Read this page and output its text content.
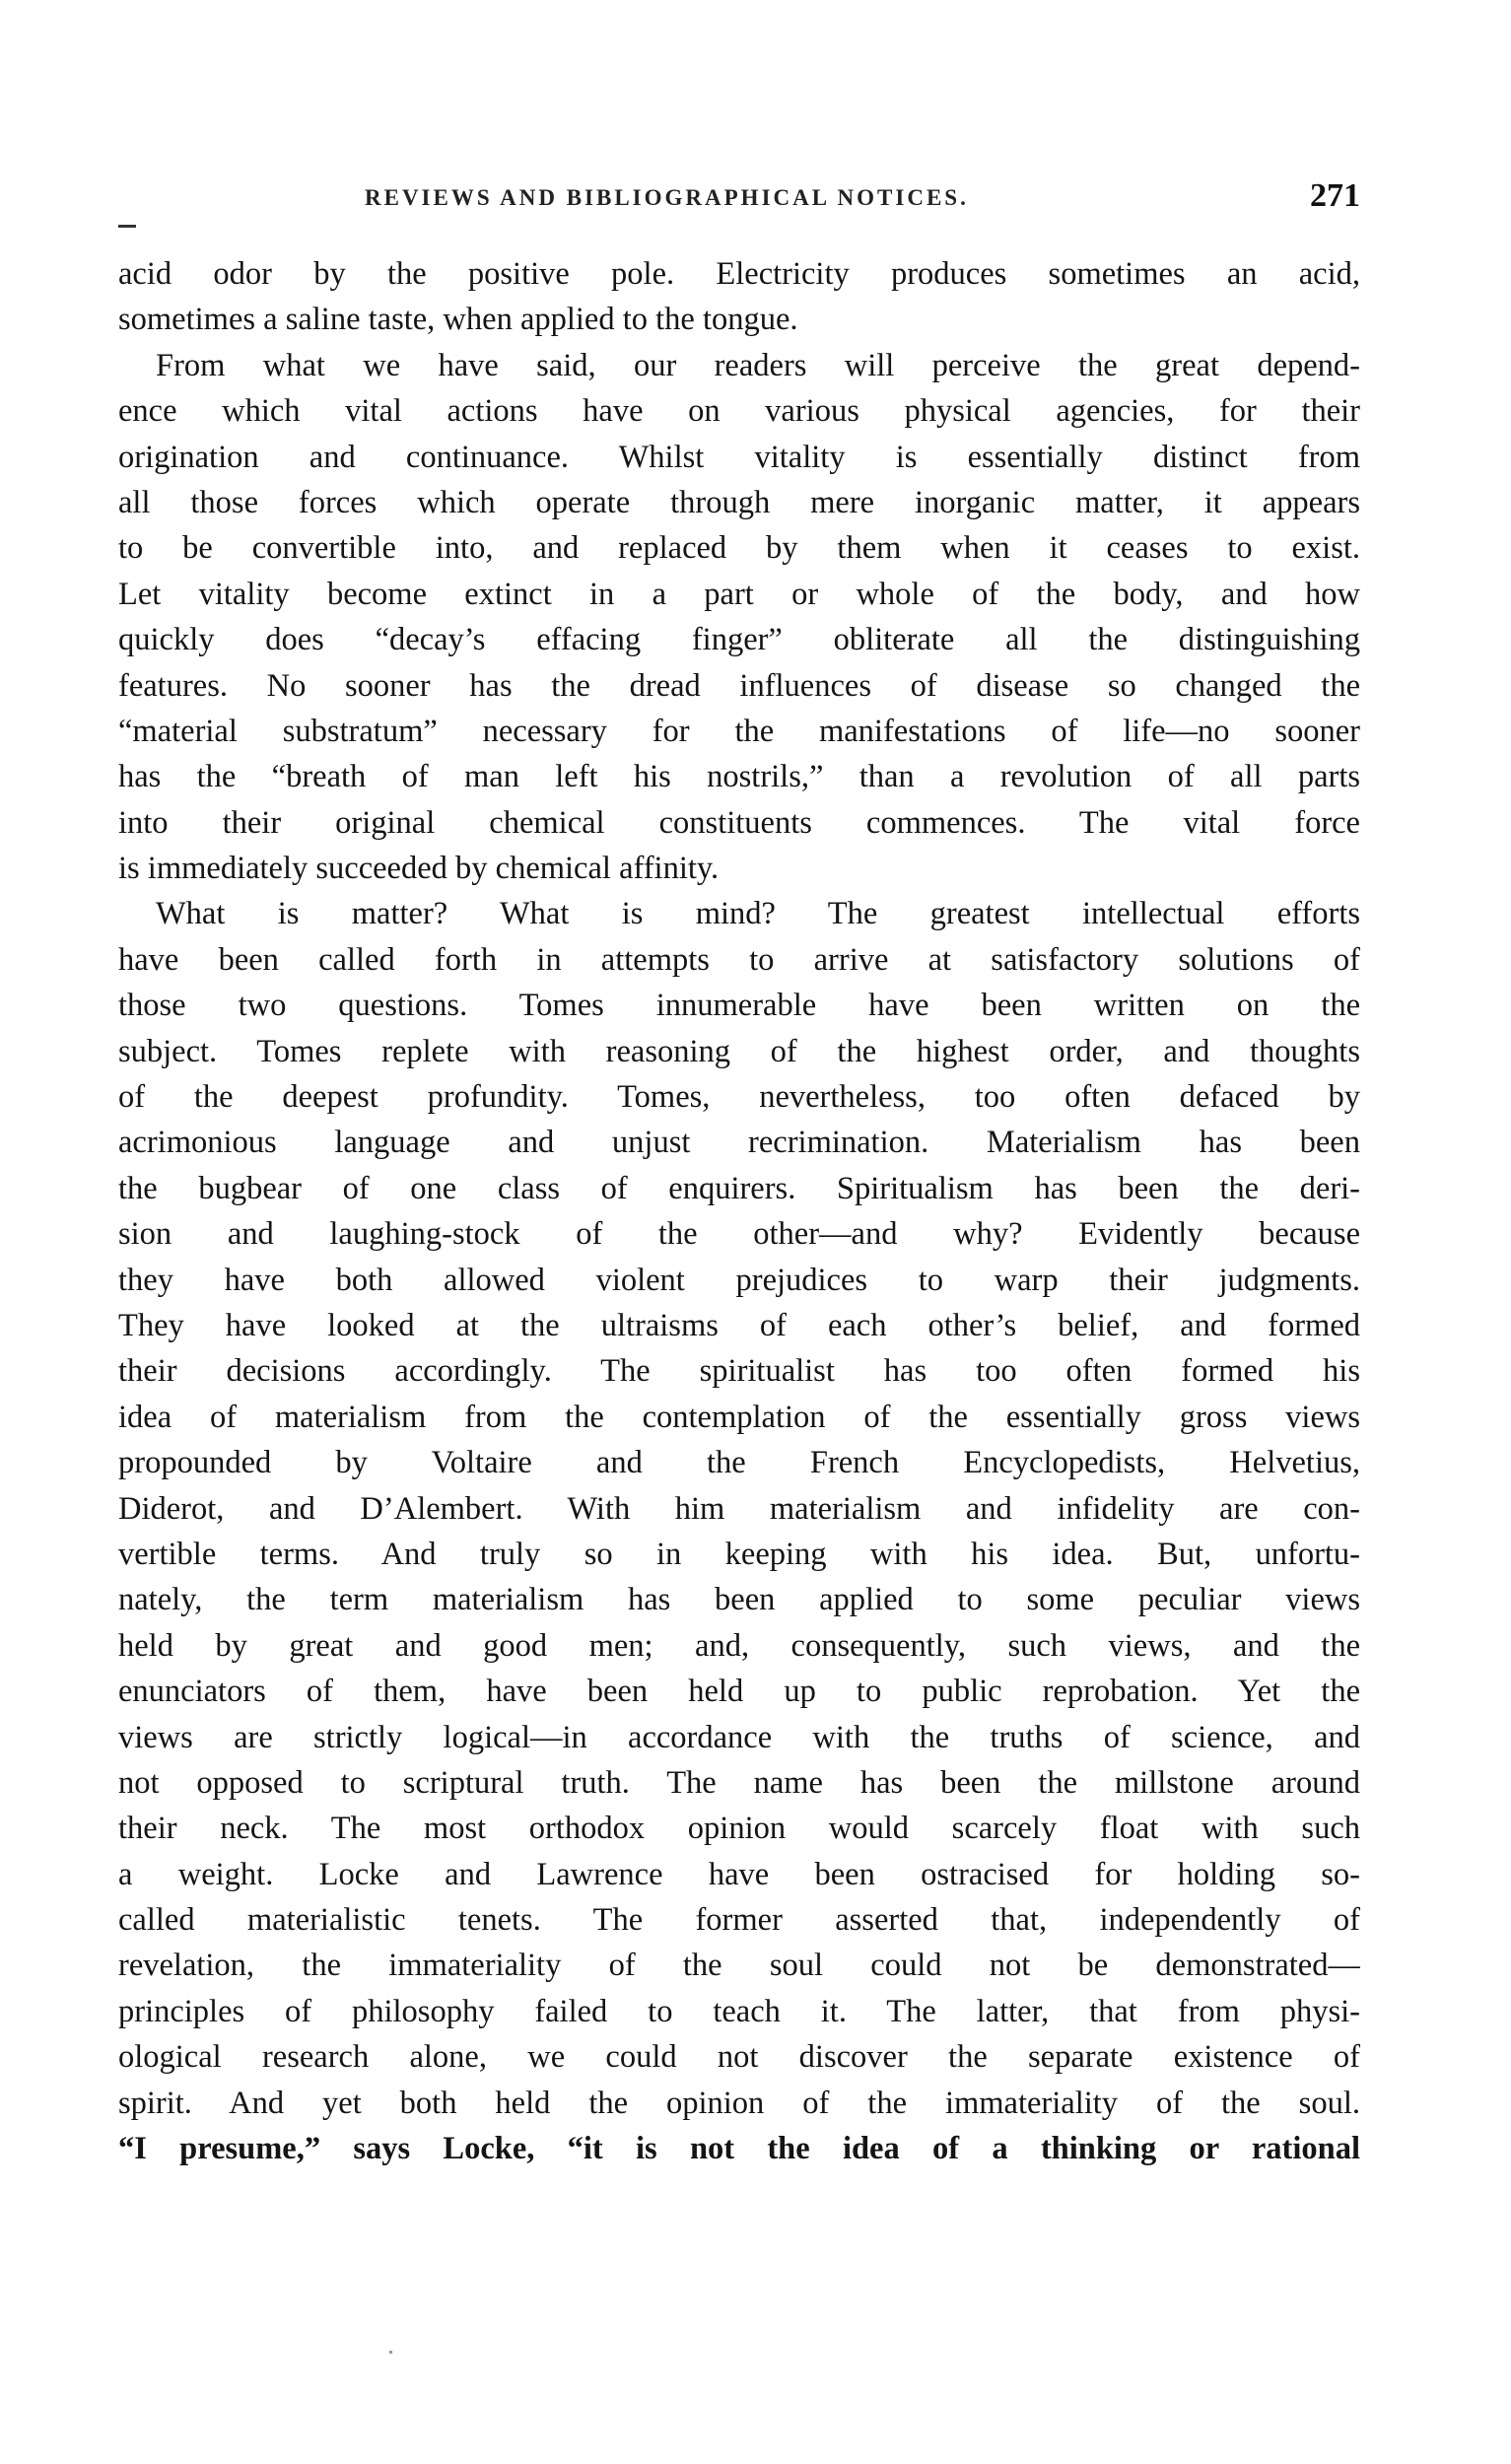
REVIEWS AND BIBLIOGRAPHICAL NOTICES.	271
acid odor by the positive pole. Electricity produces sometimes an acid,
sometimes a saline taste, when applied to the tongue.
From what we have said, our readers will perceive the great depend-
ence which vital actions have on various physical agencies, for their
origination and continuance. Whilst vitality is essentially distinct from
all those forces which operate through mere inorganic matter, it appears
to be convertible into, and replaced by them when it ceases to exist.
Let vitality become extinct in a part or whole of the body, and how
quickly does “decay’s effacing finger” obliterate all the distinguishing
features. No sooner has the dread influences of disease so changed the
“material substratum” necessary for the manifestations of life—no sooner
has the “breath of man left his nostrils,” than a revolution of all parts
into their original chemical constituents commences. The vital force
is immediately succeeded by chemical affinity.
What is matter? What is mind? The greatest intellectual efforts
have been called forth in attempts to arrive at satisfactory solutions of
those two questions. Tomes innumerable have been written on the
subject. Tomes replete with reasoning of the highest order, and thoughts
of the deepest profundity. Tomes, nevertheless, too often defaced by
acrimonious language and unjust recrimination. Materialism has been
the bugbear of one class of enquirers. Spiritualism has been the deri-
sion and laughing-stock of the other—and why? Evidently because
they have both allowed violent prejudices to warp their judgments.
They have looked at the ultraisms of each other’s belief, and formed
their decisions accordingly. The spiritualist has too often formed his
idea of materialism from the contemplation of the essentially gross views
propounded by Voltaire and the French Encyclopedists, Helvetius,
Diderot, and D’Alembert. With him materialism and infidelity are con-
vertible terms. And truly so in keeping with his idea. But, unfortu-
nately, the term materialism has been applied to some peculiar views
held by great and good men; and, consequently, such views, and the
enunciators of them, have been held up to public reprobation. Yet the
views are strictly logical—in accordance with the truths of science, and
not opposed to scriptural truth. The name has been the millstone around
their neck. The most orthodox opinion would scarcely float with such
a weight. Locke and Lawrence have been ostracised for holding so-
called materialistic tenets. The former asserted that, independently of
revelation, the immateriality of the soul could not be demonstrated—
principles of philosophy failed to teach it. The latter, that from physi-
ological research alone, we could not discover the separate existence of
spirit. And yet both held the opinion of the immateriality of the soul.
“I presume,” says Locke, “it is not the idea of a thinking or rational
